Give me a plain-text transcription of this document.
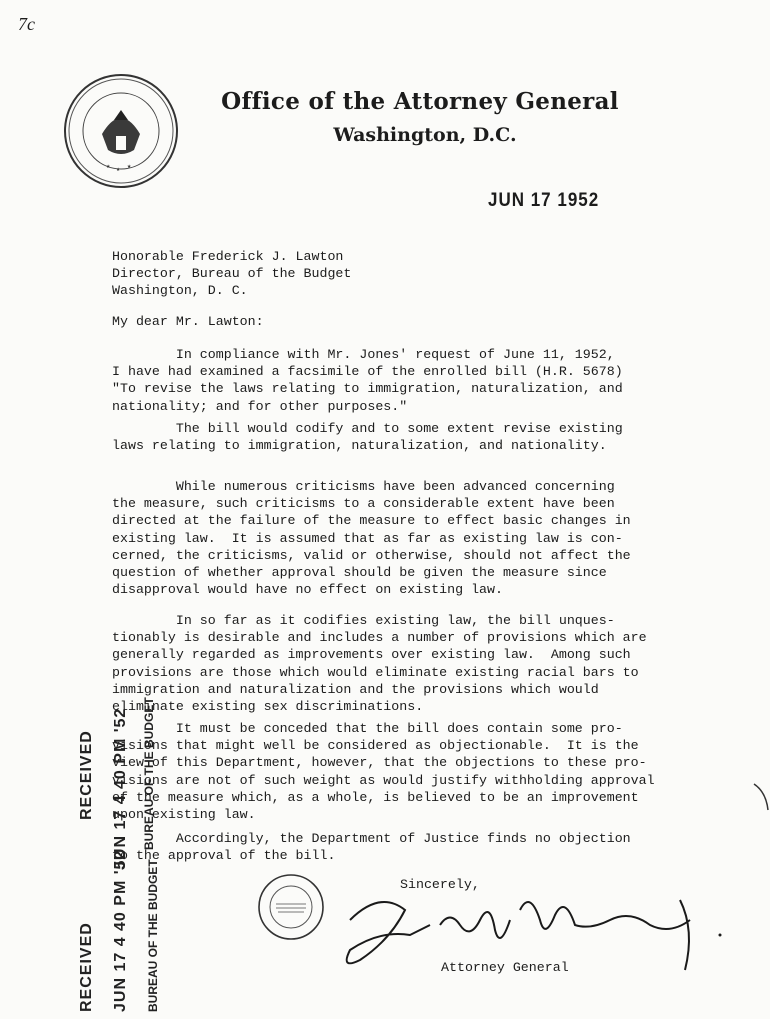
7c
★ ★ ★
Office of the Attorney General
Washington, D.C.
JUN 17 1952
Honorable Frederick J. Lawton
Director, Bureau of the Budget
Washington, D. C.
My dear Mr. Lawton:
In compliance with Mr. Jones' request of June 11, 1952,
I have had examined a facsimile of the enrolled bill (H.R. 5678)
"To revise the laws relating to immigration, naturalization, and
nationality; and for other purposes."
The bill would codify and to some extent revise existing
laws relating to immigration, naturalization, and nationality.
While numerous criticisms have been advanced concerning
the measure, such criticisms to a considerable extent have been
directed at the failure of the measure to effect basic changes in
existing law.  It is assumed that as far as existing law is con-
cerned, the criticisms, valid or otherwise, should not affect the
question of whether approval should be given the measure since
disapproval would have no effect on existing law.
In so far as it codifies existing law, the bill unques-
tionably is desirable and includes a number of provisions which are
generally regarded as improvements over existing law.  Among such
provisions are those which would eliminate existing racial bars to
immigration and naturalization and the provisions which would
eliminate existing sex discriminations.
It must be conceded that the bill does contain some pro-
visions that might well be considered as objectionable.  It is the
view of this Department, however, that the objections to these pro-
visions are not of such weight as would justify withholding approval
of the measure which, as a whole, is believed to be an improvement
upon existing law.
Accordingly, the Department of Justice finds no objection
to the approval of the bill.
Sincerely,
Attorney General
RECEIVED JUN 17 4 40 PM '52 BUREAU OF THE BUDGET
RECEIVED JUN 17 4 40 PM '52 BUREAU OF THE BUDGET
